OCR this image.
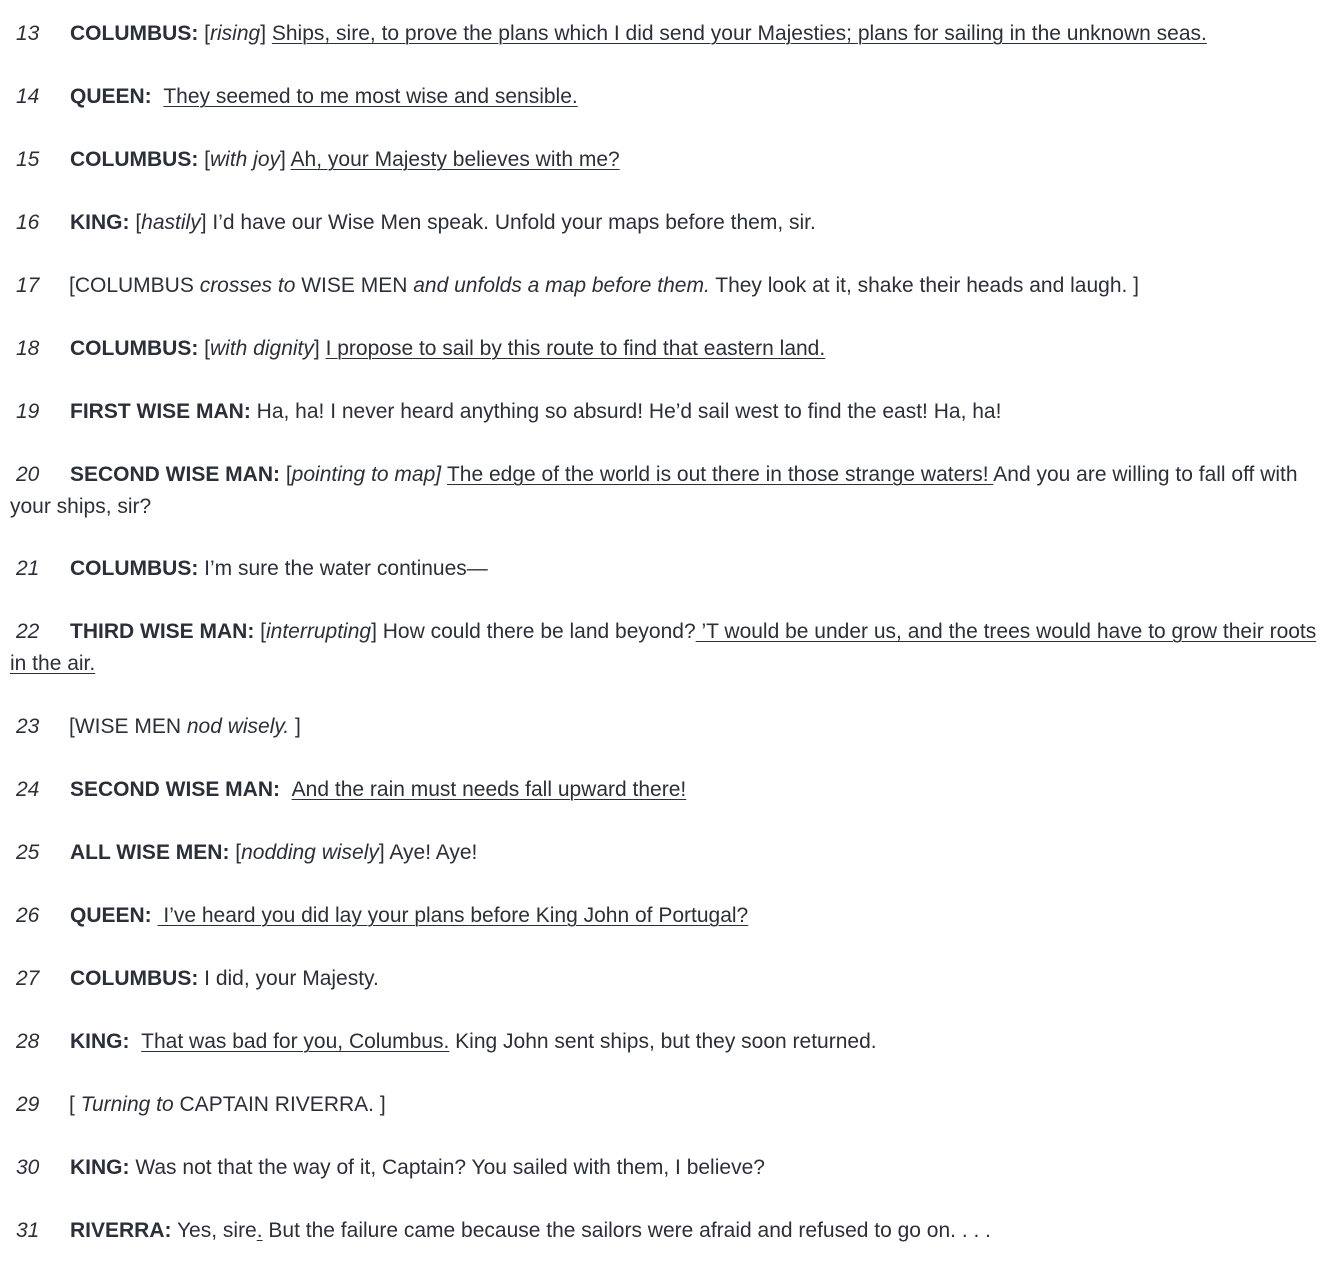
13 COLUMBUS: [rising] Ships, sire, to prove the plans which I did send your Majesties; plans for sailing in the unknown seas.
14 QUEEN: They seemed to me most wise and sensible.
15 COLUMBUS: [with joy] Ah, your Majesty believes with me?
16 KING: [hastily] I’d have our Wise Men speak. Unfold your maps before them, sir.
17 [COLUMBUS crosses to WISE MEN and unfolds a map before them. They look at it, shake their heads and laugh. ]
18 COLUMBUS: [with dignity] I propose to sail by this route to find that eastern land.
19 FIRST WISE MAN: Ha, ha! I never heard anything so absurd! He’d sail west to find the east! Ha, ha!
20 SECOND WISE MAN: [pointing to map] The edge of the world is out there in those strange waters! And you are willing to fall off with your ships, sir?
21 COLUMBUS: I’m sure the water continues—
22 THIRD WISE MAN: [interrupting] How could there be land beyond? ’T would be under us, and the trees would have to grow their roots in the air.
23 [WISE MEN nod wisely. ]
24 SECOND WISE MAN: And the rain must needs fall upward there!
25 ALL WISE MEN: [nodding wisely] Aye! Aye!
26 QUEEN:  I’ve heard you did lay your plans before King John of Portugal?
27 COLUMBUS: I did, your Majesty.
28 KING: That was bad for you, Columbus. King John sent ships, but they soon returned.
29 [ Turning to CAPTAIN RIVERRA. ]
30 KING: Was not that the way of it, Captain? You sailed with them, I believe?
31 RIVERRA: Yes, sire. But the failure came because the sailors were afraid and refused to go on. . . .
